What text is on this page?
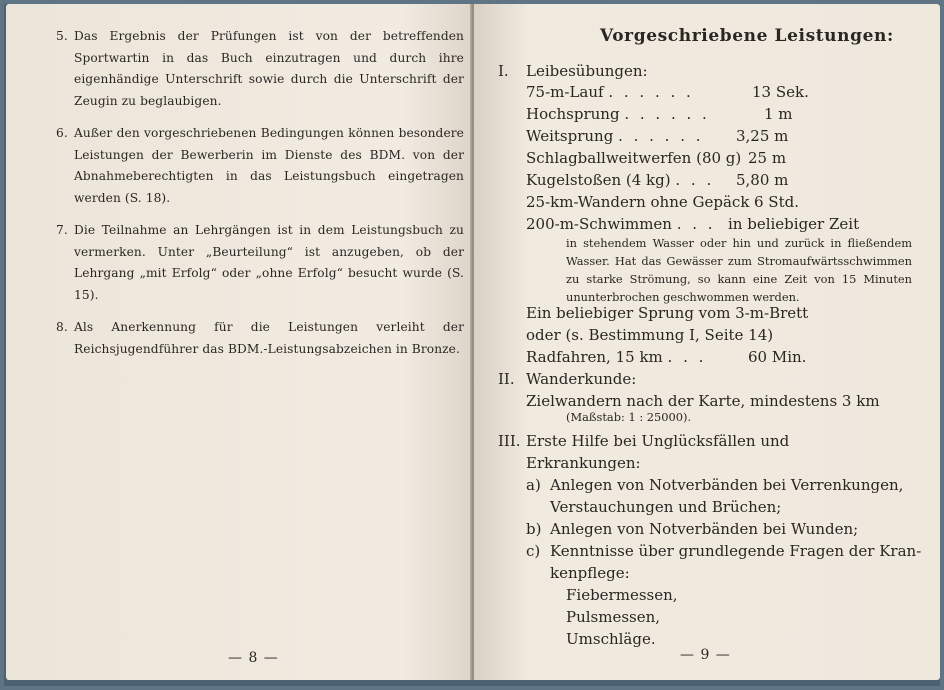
5. Das Ergebnis der Prüfungen ist von der betreffenden Sportwartin in das Buch einzutragen und durch ihre eigenhändige Unterschrift sowie durch die Unterschrift der Zeugin zu beglaubigen.
6. Außer den vorgeschriebenen Bedingungen können besondere Leistungen der Bewerberin im Dienste des BDM. von der Abnahmeberechtigten in das Leistungsbuch eingetragen werden (S. 18).
7. Die Teilnahme an Lehrgängen ist in dem Leistungsbuch zu vermerken. Unter „Beurteilung“ ist anzugeben, ob der Lehrgang „mit Erfolg“ oder „ohne Erfolg“ besucht wurde (S. 15).
8. Als Anerkennung für die Leistungen verleiht der Reichsjugendführer das BDM.-Leistungsabzeichen in Bronze.
— 8 —
Vorgeschriebene Leistungen:
I. Leibesübungen:
75-m-Lauf . . . . . .	13 Sek.
Hochsprung . . . . . .	1 m
Weitsprung . . . . . . 3,25 m
Schlagballweitwerfen (80 g) 25 m
Kugelstoßen (4 kg) . . . 5,80 m
25-km-Wandern ohne Gepäck 6 Std.
200-m-Schwimmen . . . in beliebiger Zeit
in stehendem Wasser oder hin und zurück in fließendem Wasser. Hat das Gewässer zum Stromaufwärtsschwimmen zu starke Strömung, so kann eine Zeit von 15 Minuten ununterbrochen geschwommen werden.
Ein beliebiger Sprung vom 3-m-Brett
oder (s. Bestimmung I, Seite 14)
Radfahren, 15 km . . .	60 Min.
II. Wanderkunde:
Zielwandern nach der Karte, mindestens 3 km
(Maßstab: 1 : 25000).
III. Erste Hilfe bei Unglücksfällen und
Erkrankungen:
a) Anlegen von Notverbänden bei Verrenkungen,
Verstauchungen und Brüchen;
b) Anlegen von Notverbänden bei Wunden;
c) Kenntnisse über grundlegende Fragen der Kran-
kenpflege:
Fiebermessen,
Pulsmessen,
Umschläge.
— 9 —
